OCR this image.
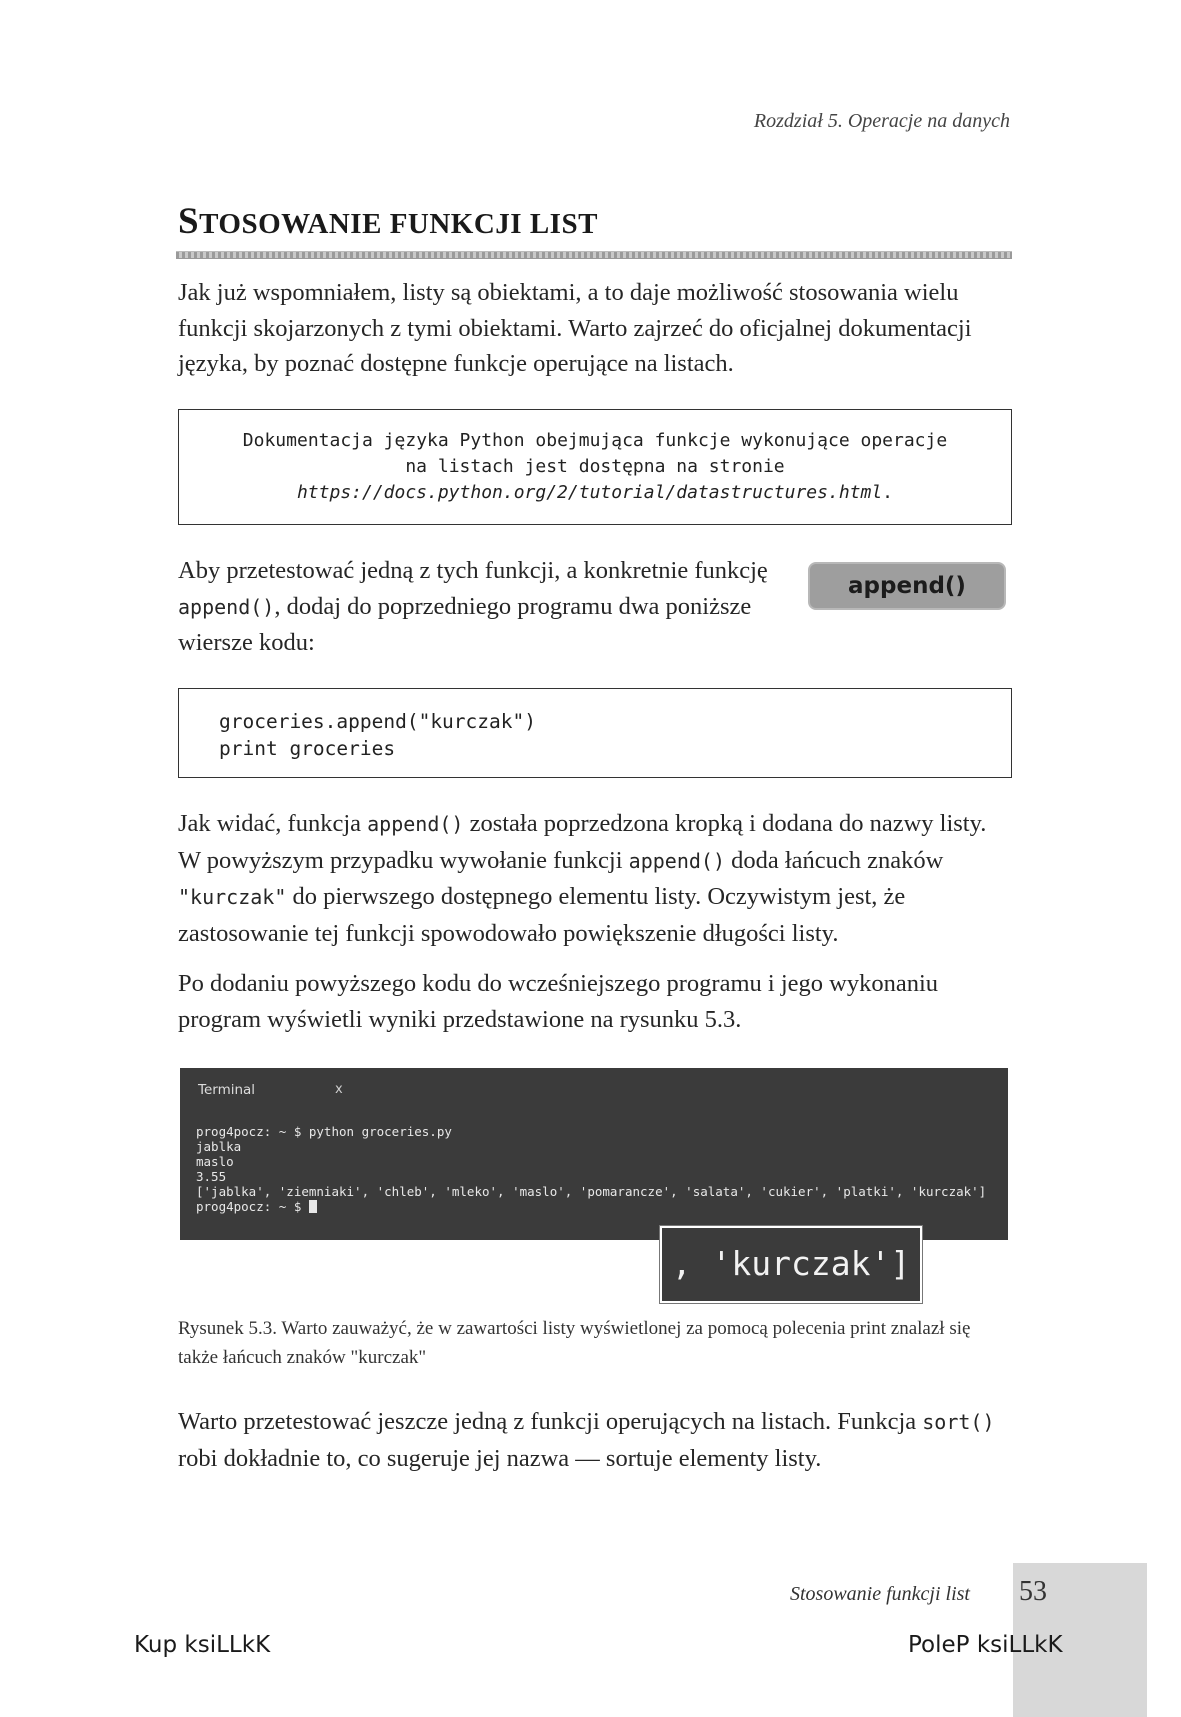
Rozdział 5. Operacje na danych
STOSOWANIE FUNKCJI LIST
Jak już wspomniałem, listy są obiektami, a to daje możliwość stosowania wielu funkcji skojarzonych z tymi obiektami. Warto zajrzeć do oficjalnej dokumentacji języka, by poznać dostępne funkcje operujące na listach.
Dokumentacja języka Python obejmująca funkcje wykonujące operacje
na listach jest dostępna na stronie
https://docs.python.org/2/tutorial/datastructures.html.
Aby przetestować jedną z tych funkcji, a konkretnie funkcję append(), dodaj do poprzedniego programu dwa poniższe wiersze kodu:
append()
groceries.append("kurczak")
print groceries
Jak widać, funkcja append() została poprzedzona kropką i dodana do nazwy listy. W powyższym przypadku wywołanie funkcji append() doda łańcuch znaków "kurczak" do pierwszego dostępnego elementu listy. Oczywistym jest, że zastosowanie tej funkcji spowodowało powiększenie długości listy.
Po dodaniu powyższego kodu do wcześniejszego programu i jego wykonaniu program wyświetli wyniki przedstawione na rysunku 5.3.
Terminal	x
prog4pocz: ~ $ python groceries.py
jablka
maslo
3.55
['jablka', 'ziemniaki', 'chleb', 'mleko', 'maslo', 'pomarancze', 'salata', 'cukier', 'platki', 'kurczak']
prog4pocz: ~ $
, 'kurczak']
Rysunek 5.3. Warto zauważyć, że w zawartości listy wyświetlonej za pomocą polecenia print znalazł się także łańcuch znaków "kurczak"
Warto przetestować jeszcze jedną z funkcji operujących na listach. Funkcja sort() robi dokładnie to, co sugeruje jej nazwa — sortuje elementy listy.
Stosowanie funkcji list 53
Kup ksiLLkK	PoleP ksiLLkK
